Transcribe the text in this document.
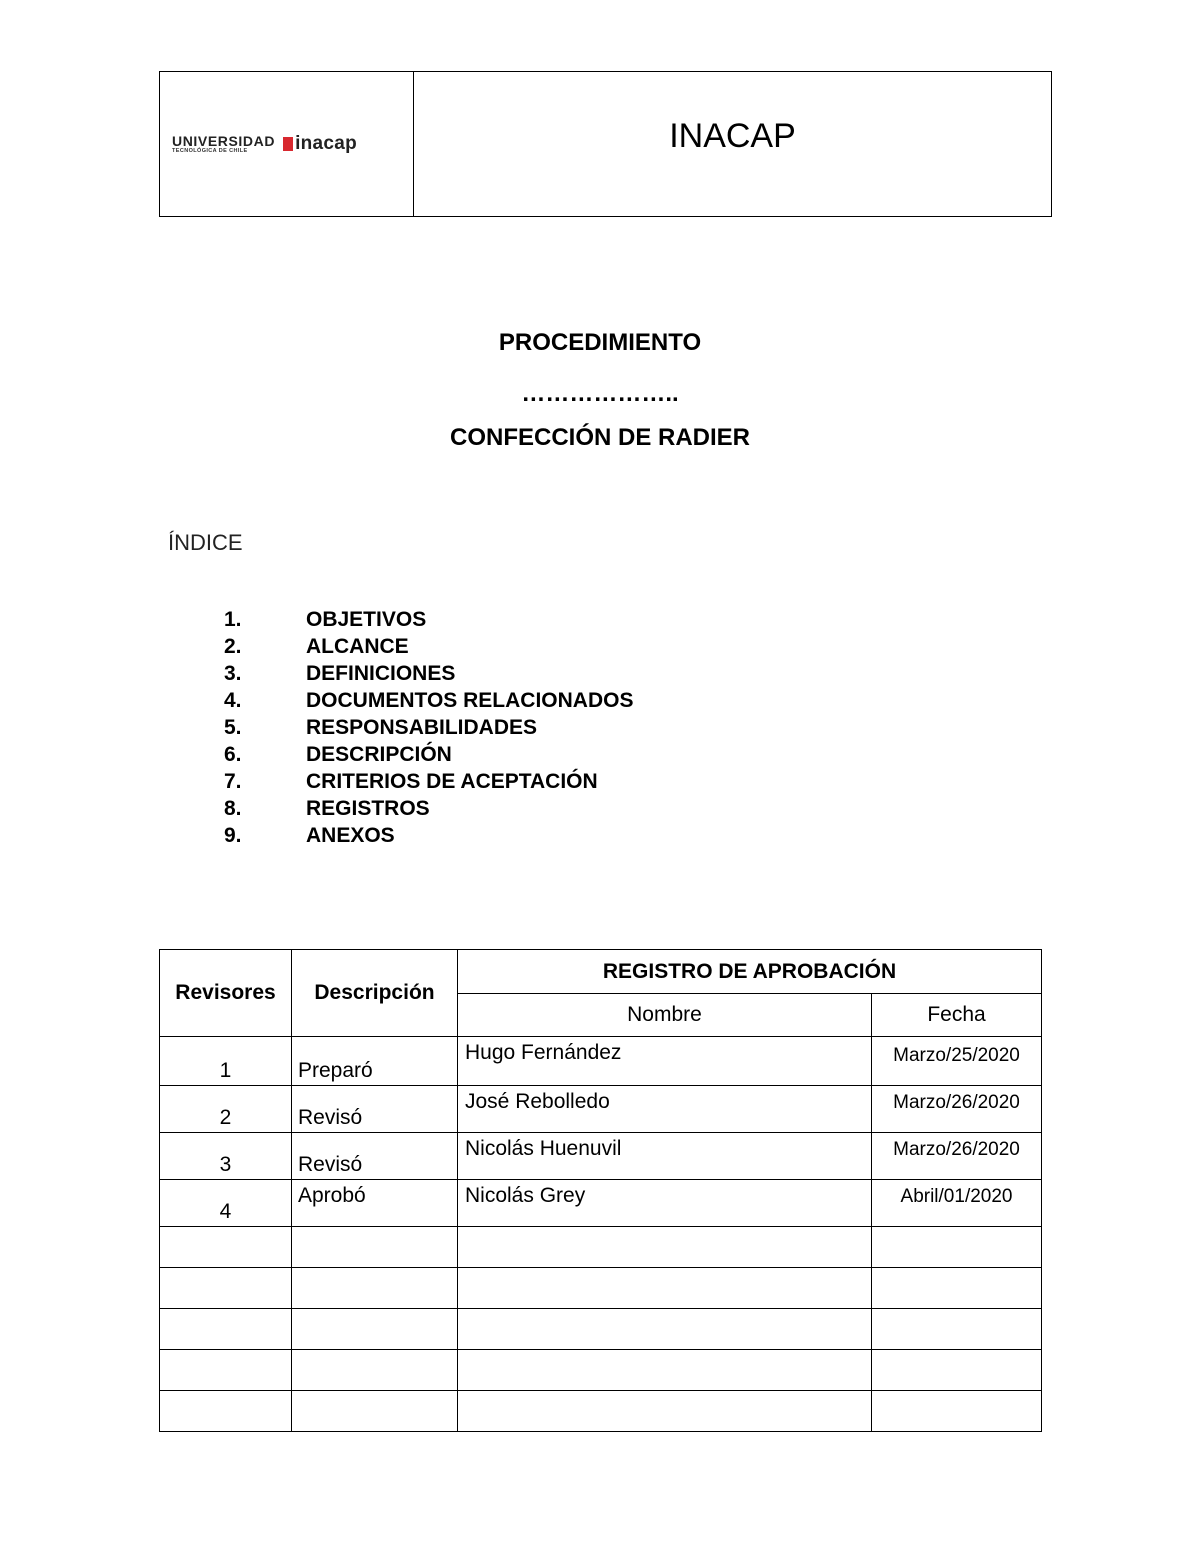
UNIVERSIDAD
TECNOLÓGICA DE CHILE	inacap	INACAP
PROCEDIMIENTO
………………..
CONFECCIÓN DE RADIER
ÍNDICE
1.	OBJETIVOS
2.	ALCANCE
3.	DEFINICIONES
4.	DOCUMENTOS RELACIONADOS
5.	RESPONSABILIDADES
6.	DESCRIPCIÓN
7.	CRITERIOS DE ACEPTACIÓN
8.	REGISTROS
9.	ANEXOS
Revisores	Descripción	REGISTRO DE APROBACIÓN	
		Nombre	Fecha
1	Preparó	Hugo Fernández	Marzo/25/2020
2	Revisó	José Rebolledo	Marzo/26/2020
3	Revisó	Nicolás Huenuvil	Marzo/26/2020
4	Aprobó	Nicolás Grey	Abril/01/2020
